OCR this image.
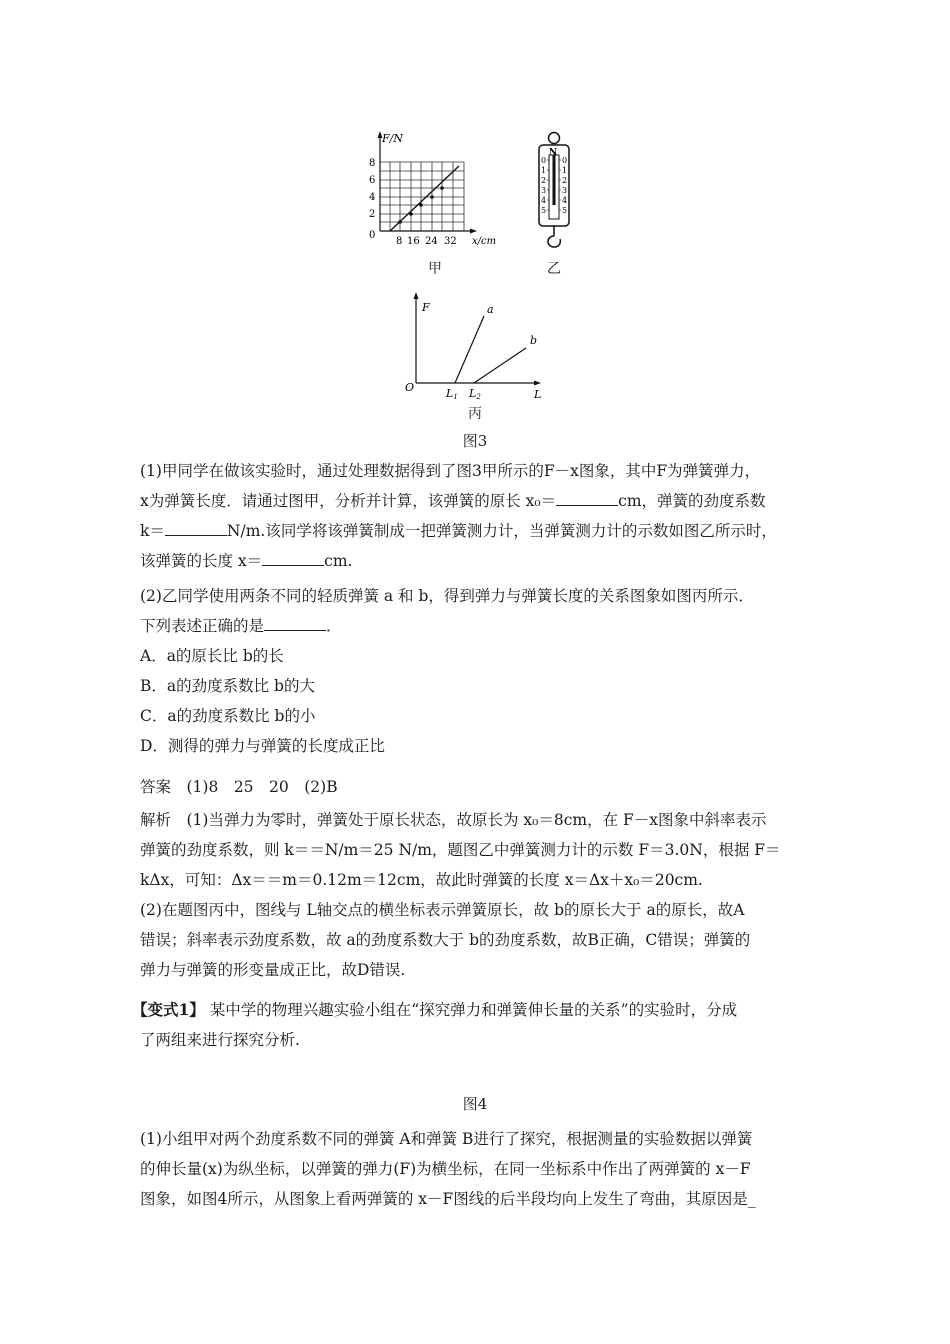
F/N
8
6
4
2
0
8 16 24 32 x/cm
甲
N
0
1
2
3
4
5
0
1
2
3
4
5
乙
F	a
b
O	L1 L2	L
丙
图3
(1)甲同学在做该实验时，通过处理数据得到了图3甲所示的F－x图象，其中F为弹簧弹力，
x为弹簧长度．请通过图甲，分析并计算，该弹簧的原长 x₀＝	cm，弹簧的劲度系数
k＝	N/m.该同学将该弹簧制成一把弹簧测力计，当弹簧测力计的示数如图乙所示时，
该弹簧的长度 x＝	cm.
(2)乙同学使用两条不同的轻质弹簧 a 和 b，得到弹力与弹簧长度的关系图象如图丙所示．
下列表述正确的是	．
A．a的原长比 b的长
B．a的劲度系数比 b的大
C．a的劲度系数比 b的小
D．测得的弹力与弹簧的长度成正比
答案　(1)8　25　20　(2)B
解析　(1)当弹力为零时，弹簧处于原长状态，故原长为 x₀＝8cm，在 F－x图象中斜率表示
弹簧的劲度系数，则 k＝＝N/m＝25 N/m，题图乙中弹簧测力计的示数 F＝3.0N，根据 F＝
kΔx，可知：Δx＝＝m＝0.12m＝12cm，故此时弹簧的长度 x＝Δx＋x₀＝20cm.
(2)在题图丙中，图线与 L轴交点的横坐标表示弹簧原长，故 b的原长大于 a的原长，故A
错误；斜率表示劲度系数，故 a的劲度系数大于 b的劲度系数，故B正确，C错误；弹簧的
弹力与弹簧的形变量成正比，故D错误.
【变式1】 某中学的物理兴趣实验小组在“探究弹力和弹簧伸长量的关系”的实验时，分成
了两组来进行探究分析.
图4
(1)小组甲对两个劲度系数不同的弹簧 A和弹簧 B进行了探究，根据测量的实验数据以弹簧
的伸长量(x)为纵坐标，以弹簧的弹力(F)为横坐标，在同一坐标系中作出了两弹簧的 x－F
图象，如图4所示，从图象上看两弹簧的 x－F图线的后半段均向上发生了弯曲，其原因是_
